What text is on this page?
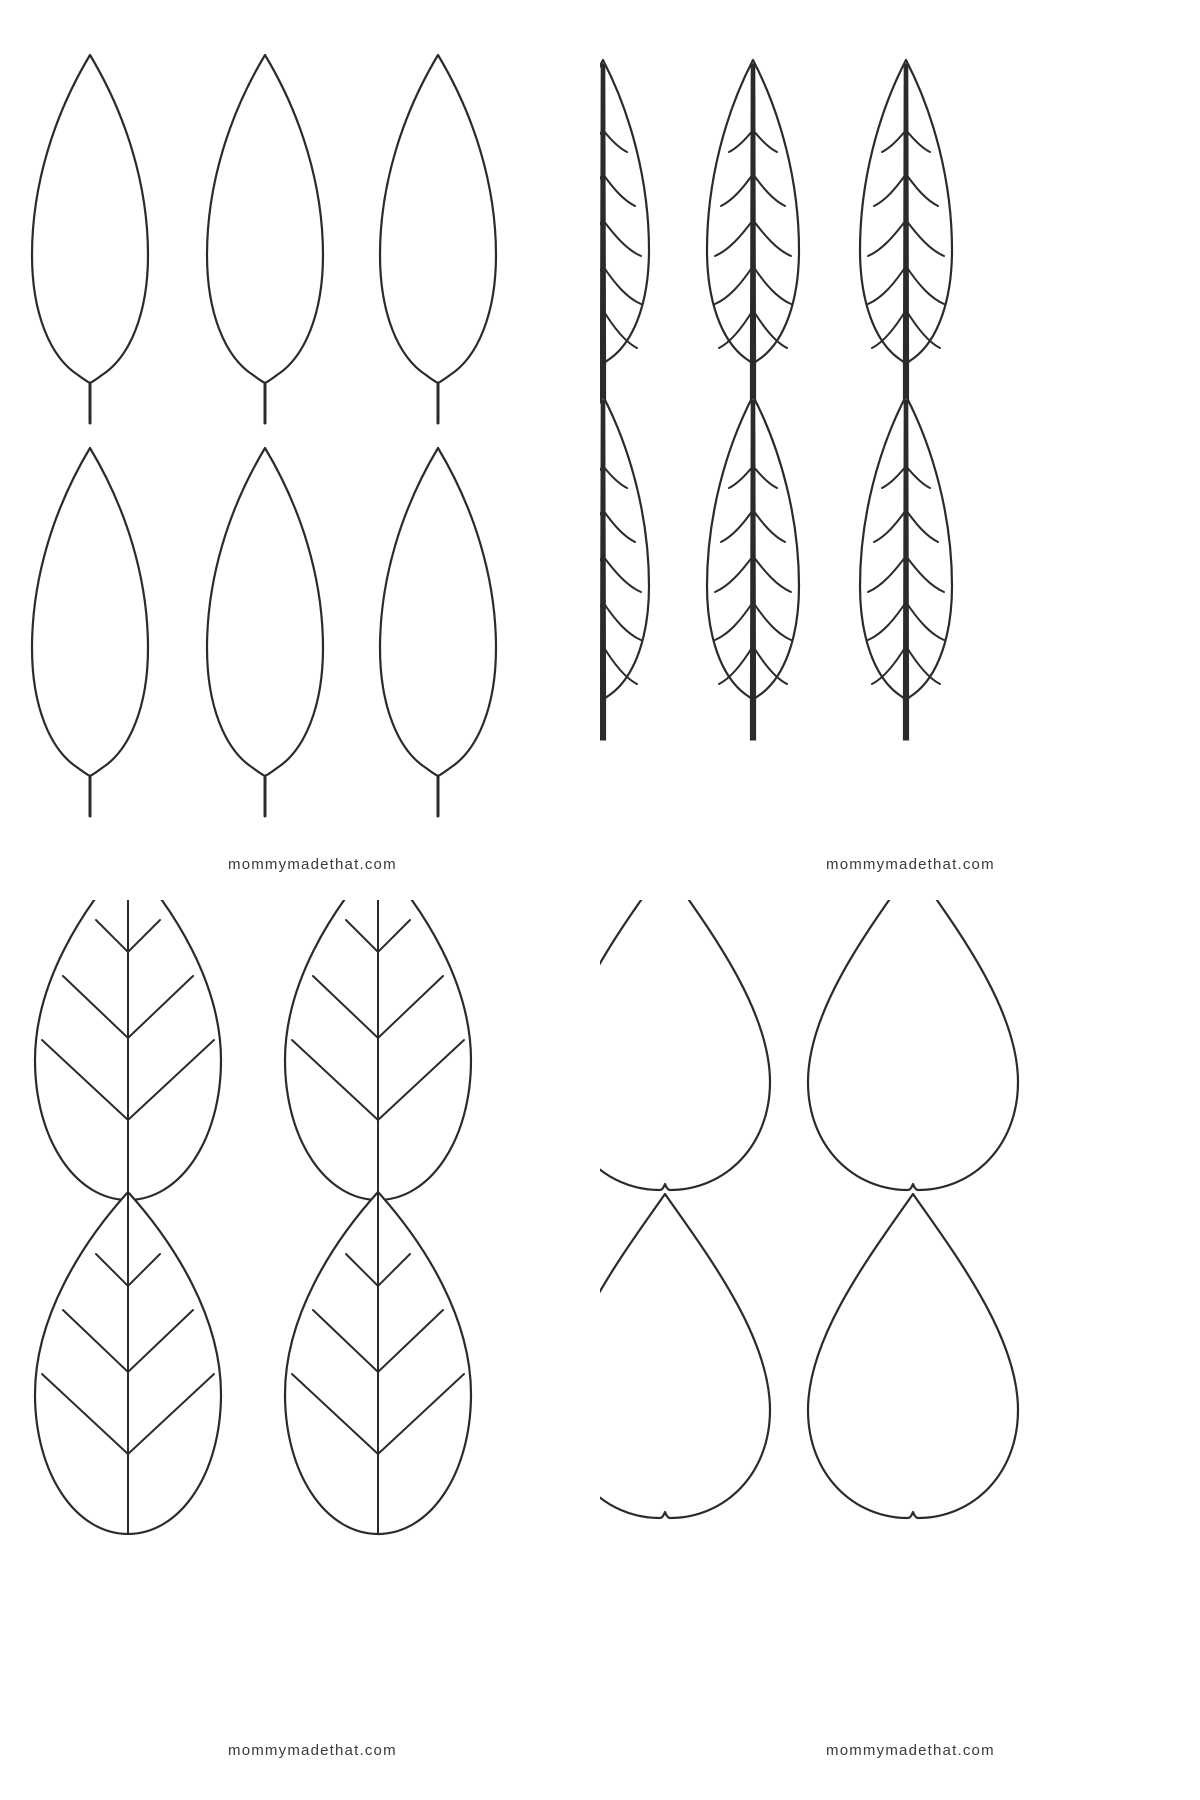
mommymadethat.com	mommymadethat.com
mommymadethat.com	mommymadethat.com
